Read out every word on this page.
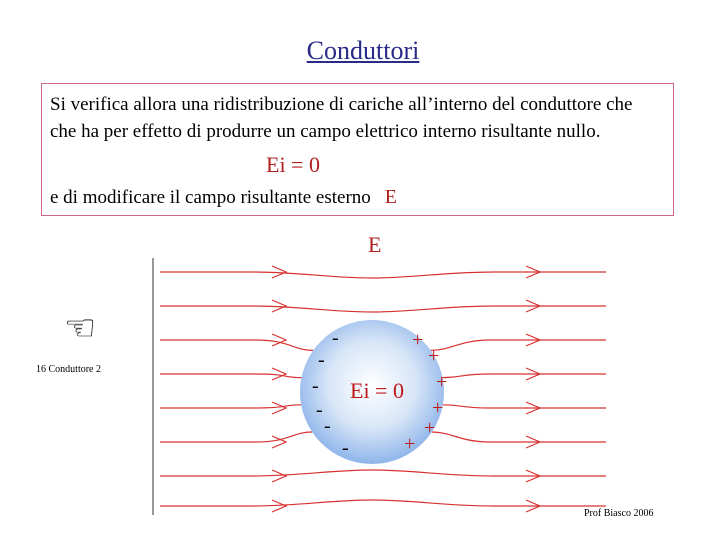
Conduttori
Si verifica allora una ridistribuzione di cariche all’interno del conduttore che
che ha per effetto di produrre un campo elettrico interno risultante nullo.
Ei = 0
e di modificare il campo risultante esterno E
E
-
-
-
-
-
-
+
+
+
+
+
+
Ei = 0
☞
16 Conduttore 2
Prof Biasco 2006
